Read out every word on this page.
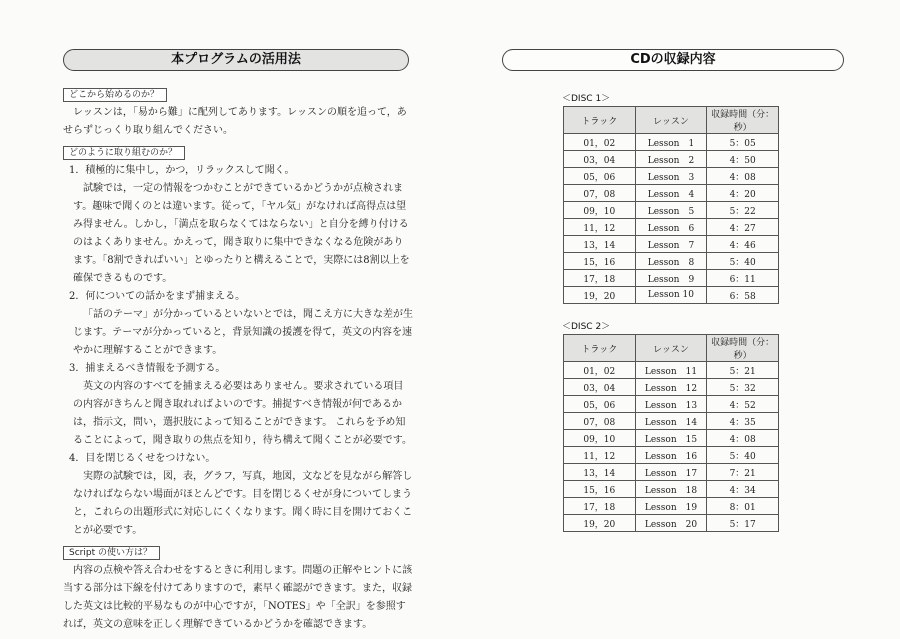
本プログラムの活用法
どこから始めるのか？

レッスンは，「易から難」に配列してあります。レッスンの順を追って，あせらずじっくり取り組んでください。

どのように取り組むのか？

1．積極的に集中し，かつ，リラックスして聞く。

試験では，一定の情報をつかむことができているかどうかが点検されます。趣味で聞くのとは違います。従って，「ヤル気」がなければ高得点は望み得ません。しかし，「満点を取らなくてはならない」と自分を縛り付けるのはよくありません。かえって，聞き取りに集中できなくなる危険があります。「8割できればいい」とゆったりと構えることで，実際には8割以上を確保できるものです。

2．何についての話かをまず捕まえる。

「話のテーマ」が分かっているといないとでは，聞こえ方に大きな差が生じます。テーマが分かっていると，背景知識の援護を得て，英文の内容を速やかに理解することができます。

3．捕まえるべき情報を予測する。

英文の内容のすべてを捕まえる必要はありません。要求されている項目の内容がきちんと聞き取れればよいのです。捕捉すべき情報が何であるかは，指示文，問い，選択肢によって知ることができます。 これらを予め知ることによって，聞き取りの焦点を知り，待ち構えて聞くことが必要です。

4．目を閉じるくせをつけない。

実際の試験では，図，表，グラフ，写真，地図，文などを見ながら解答しなければならない場面がほとんどです。目を閉じるくせが身についてしまうと，これらの出題形式に対応しにくくなります。聞く時に目を開けておくことが必要です。

Script の使い方は？

内容の点検や答え合わせをするときに利用します。問題の正解やヒントに該当する部分は下線を付けてありますので，素早く確認ができます。また，収録した英文は比較的平易なものが中心ですが，「NOTES」や「全訳」を参照すれば，英文の意味を正しく理解できているかどうかを確認できます。

CDの収録内容
＜DISC 1＞
トラック	レッスン	収録時間（分：秒）
01，02	Lesson　1	5：05
03，04	Lesson　2	4：50
05，06	Lesson　3	4：08
07，08	Lesson　4	4：20
09，10	Lesson　5	5：22
11，12	Lesson　6	4：27
13，14	Lesson　7	4：46
15，16	Lesson　8	5：40
17，18	Lesson　9	6：11
19，20	Lesson 10	6：58
＜DISC 2＞
トラック	レッスン	収録時間（分：秒）
01，02	Lesson　11	5：21
03，04	Lesson　12	5：32
05，06	Lesson　13	4：52
07，08	Lesson　14	4：35
09，10	Lesson　15	4：08
11，12	Lesson　16	5：40
13，14	Lesson　17	7：21
15，16	Lesson　18	4：34
17，18	Lesson　19	8：01
19，20	Lesson　20	5：17
